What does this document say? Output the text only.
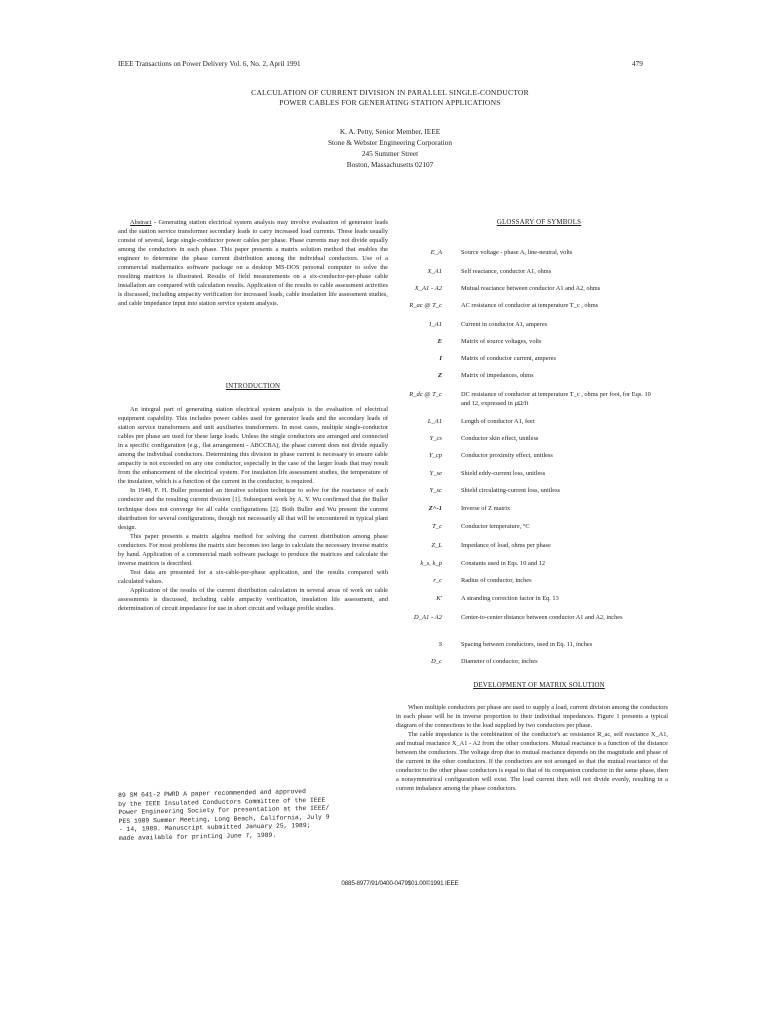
IEEE Transactions on Power Delivery Vol. 6, No. 2, April 1991	479
CALCULATION OF CURRENT DIVISION IN PARALLEL SINGLE-CONDUCTOR
POWER CABLES FOR GENERATING STATION APPLICATIONS
K. A. Petty, Senior Member, IEEE
Stone & Webster Engineering Corporation
245 Summer Street
Boston, Massachusetts 02107

Abstract - Generating station electrical system analysis may involve evaluation of generator leads and the station service transformer secondary leads to carry increased load currents. These leads usually consist of several, large single-conductor power cables per phase. Phase currents may not divide equally among the conductors in each phase. This paper presents a matrix solution method that enables the engineer to determine the phase current distribution among the individual conductors. Use of a commercial mathematics software package on a desktop MS-DOS personal computer to solve the resulting matrices is illustrated. Results of field measurements on a six-conductor-per-phase cable installation are compared with calculation results. Application of the results to cable assessment activities is discussed, including ampacity verification for increased loads, cable insulation life assessment studies, and cable impedance input into station service system analysis.

INTRODUCTION

An integral part of generating station electrical system analysis is the evaluation of electrical equipment capability. This includes power cables used for generator leads and the secondary leads of station service transformers and unit auxiliaries transformers. In most cases, multiple single-conductor cables per phase are used for these large loads. Unless the single conductors are arranged and connected in a specific configuration (e.g., flat arrangement - ABCCBA), the phase current does not divide equally among the individual conductors. Determining this division in phase current is necessary to ensure cable ampacity is not exceeded on any one conductor, especially in the case of the larger loads that may result from the enhancement of the electrical system. For insulation life assessment studies, the temperature of the insulation, which is a function of the current in the conductor, is required.

In 1949, F. H. Buller presented an iterative solution technique to solve for the reactance of each conductor and the resulting current division [1]. Subsequent work by A. Y. Wu confirmed that the Buller technique does not converge for all cable configurations [2]. Both Buller and Wu present the current distribution for several configurations, though not necessarily all that will be encountered in typical plant design.

This paper presents a matrix algebra method for solving the current distribution among phase conductors. For most problems the matrix size becomes too large to calculate the necessary inverse matrix by hand. Application of a commercial math software package to produce the matrices and calculate the inverse matrices is described.

Test data are presented for a six-cable-per-phase application, and the results compared with calculated values.

Application of the results of the current distribution calculation in several areas of work on cable assessments is discussed, including cable ampacity verification, insulation life assessment, and determination of circuit impedance for use in short circuit and voltage profile studies.

89 SM 641-2 PWRD A paper recommended and approved

by the IEEE Insulated Conductors Committee of the IEEE

Power Engineering Society for presentation at the IEEE/

PES 1989 Summer Meeting, Long Beach, California, July 9

- 14, 1989. Manuscript submitted January 25, 1989;

made available for printing June 7, 1989.

GLOSSARY OF SYMBOLS
E_A	Source voltage - phase A, line-neutral, volts
X_A1	Self reactance, conductor A1, ohms
X_A1 - A2	Mutual reactance between conductor A1 and A2, ohms
R_ac @ T_c	AC resistance of conductor at temperature T_c , ohms
I_A1	Current in conductor A1, amperes
E	Matrix of source voltages, volts
I	Matrix of conductor current, amperes
Z	Matrix of impedances, ohms
R_dc @ T_c	DC resistance of conductor at temperature T_c , ohms per foot, for Eqs. 10 and 12, expressed in µΩ/ft
L_A1	Length of conductor A1, feet
Y_cs	Conductor skin effect, unitless
Y_cp	Conductor proximity effect, unitless
Y_se	Shield eddy-current loss, unitless
Y_sc	Shield circulating-current loss, unitless
Z^-1	Inverse of Z matrix
T_c	Conductor temperature, °C
Z_L	Impedance of load, ohms per phase
k_s, k_p	Constants used in Eqs. 10 and 12
r_c	Radius of conductor, inches
K'	A stranding correction factor in Eq. 13
D_A1 - A2	Center-to-center distance between conductor A1 and A2, inches
S	Spacing between conductors, used in Eq. 11, inches
D_c	Diameter of conductor, inches
DEVELOPMENT OF MATRIX SOLUTION

When multiple conductors per phase are used to supply a load, current division among the conductors in each phase will be in inverse proportion to their individual impedances. Figure 1 presents a typical diagram of the connections to the load supplied by two conductors per phase.

The cable impedance is the combination of the conductor's ac resistance R_ac, self reactance X_A1, and mutual reactance X_A1 - A2 from the other conductors. Mutual reactance is a function of the distance between the conductors. The voltage drop due to mutual reactance depends on the magnitude and phase of the current in the other conductors. If the conductors are not arranged so that the mutual reactance of the conductor to the other phase conductors is equal to that of its companion conductor in the same phase, then a nonsymmetrical configuration will exist. The load current then will not divide evenly, resulting in a current imbalance among the phase conductors.

0885-8977/91/0400-0479$01.00©1991 IEEE
